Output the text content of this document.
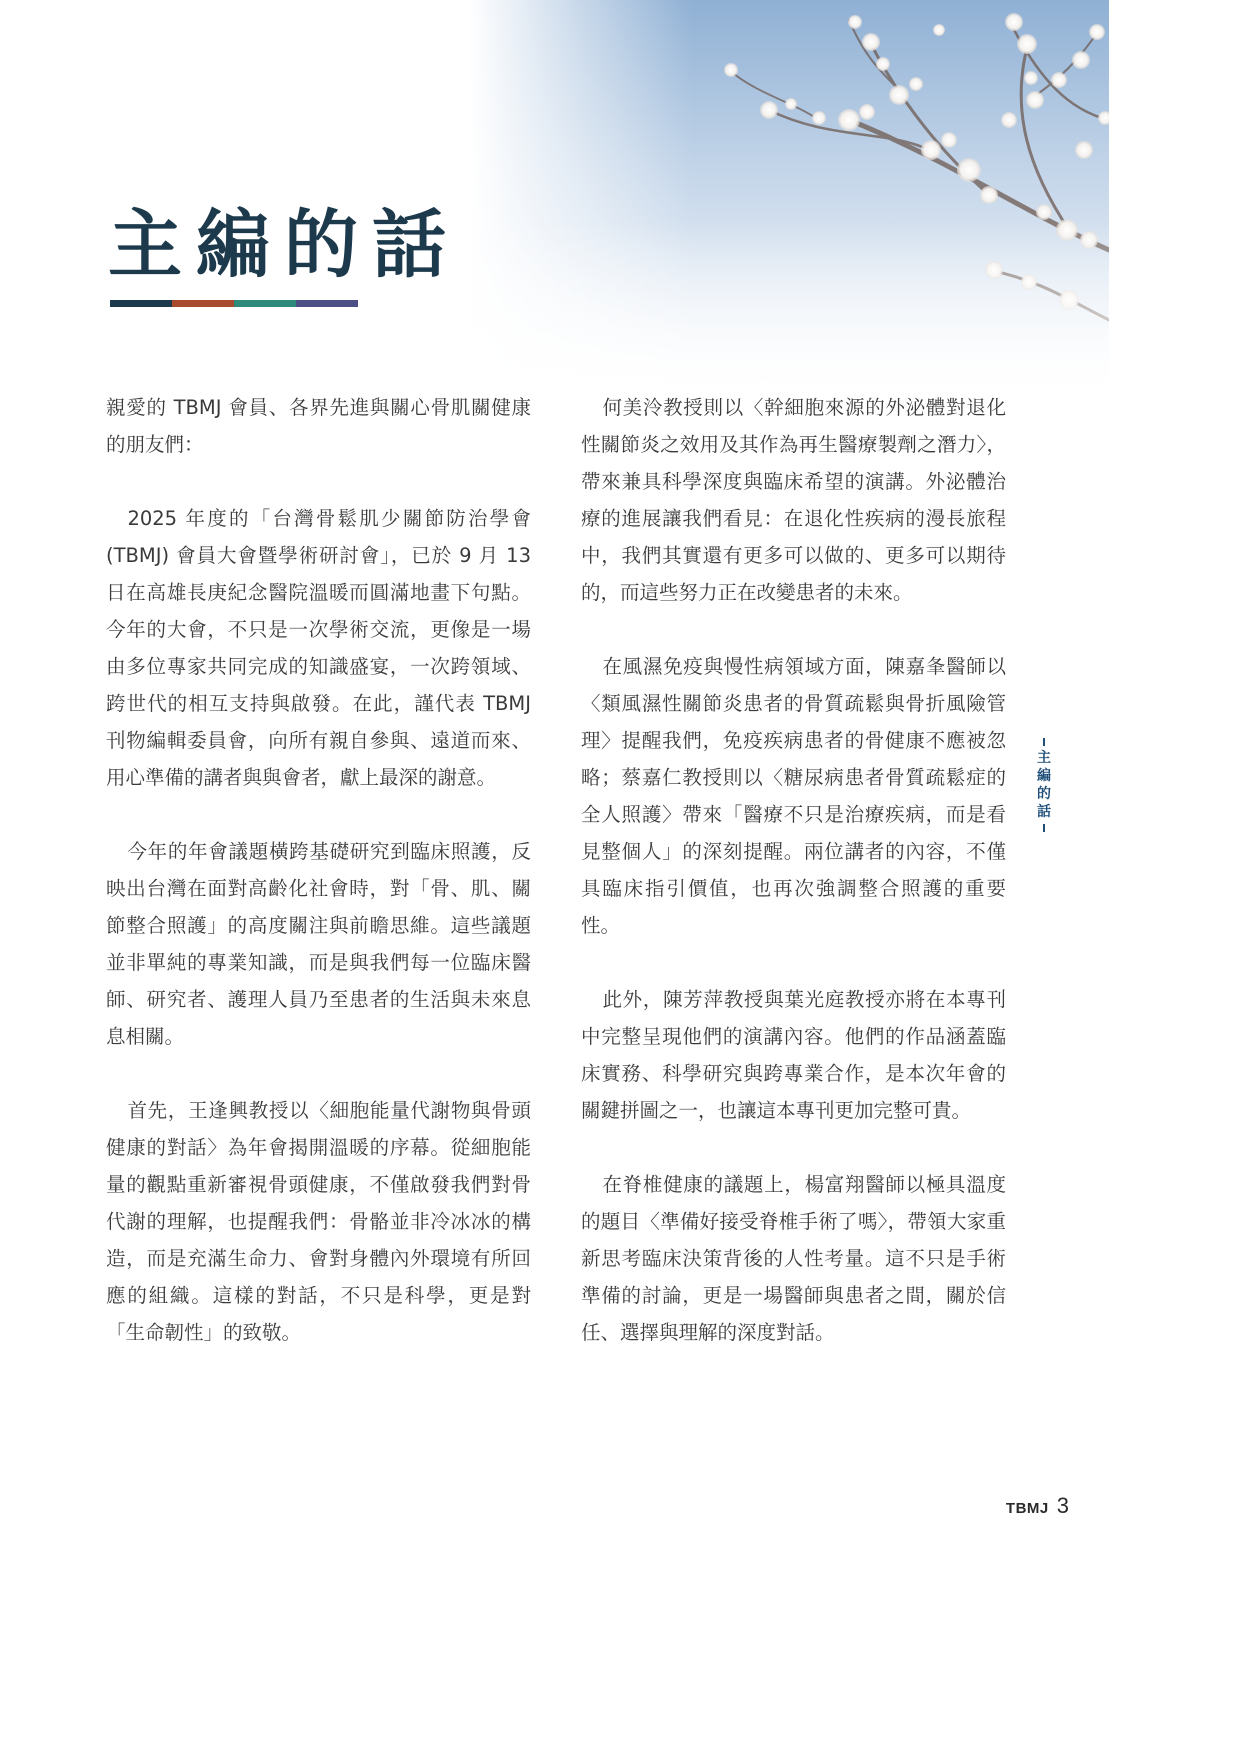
主編的話

親愛的 TBMJ 會員、各界先進與關心骨肌關健康的朋友們：

2025 年度的「台灣骨鬆肌少關節防治學會 (TBMJ) 會員大會暨學術研討會」，已於 9 月 13 日在高雄長庚紀念醫院溫暖而圓滿地畫下句點。今年的大會，不只是一次學術交流，更像是一場由多位專家共同完成的知識盛宴，一次跨領域、跨世代的相互支持與啟發。在此，謹代表 TBMJ 刊物編輯委員會，向所有親自參與、遠道而來、用心準備的講者與與會者，獻上最深的謝意。

今年的年會議題橫跨基礎研究到臨床照護，反映出台灣在面對高齡化社會時，對「骨、肌、關節整合照護」的高度關注與前瞻思維。這些議題並非單純的專業知識，而是與我們每一位臨床醫師、研究者、護理人員乃至患者的生活與未來息息相關。

首先，王逢興教授以〈細胞能量代謝物與骨頭健康的對話〉為年會揭開溫暖的序幕。從細胞能量的觀點重新審視骨頭健康，不僅啟發我們對骨代謝的理解，也提醒我們：骨骼並非冷冰冰的構造，而是充滿生命力、會對身體內外環境有所回應的組織。這樣的對話，不只是科學，更是對「生命韌性」的致敬。

何美泠教授則以〈幹細胞來源的外泌體對退化性關節炎之效用及其作為再生醫療製劑之潛力〉，帶來兼具科學深度與臨床希望的演講。外泌體治療的進展讓我們看見：在退化性疾病的漫長旅程中，我們其實還有更多可以做的、更多可以期待的，而這些努力正在改變患者的未來。

在風濕免疫與慢性病領域方面，陳嘉夆醫師以〈類風濕性關節炎患者的骨質疏鬆與骨折風險管理〉提醒我們，免疫疾病患者的骨健康不應被忽略；蔡嘉仁教授則以〈糖尿病患者骨質疏鬆症的全人照護〉帶來「醫療不只是治療疾病，而是看見整個人」的深刻提醒。兩位講者的內容，不僅具臨床指引價值，也再次強調整合照護的重要性。

此外，陳芳萍教授與葉光庭教授亦將在本專刊中完整呈現他們的演講內容。他們的作品涵蓋臨床實務、科學研究與跨專業合作，是本次年會的關鍵拼圖之一，也讓這本專刊更加完整可貴。

在脊椎健康的議題上，楊富翔醫師以極具溫度的題目〈準備好接受脊椎手術了嗎〉，帶領大家重新思考臨床決策背後的人性考量。這不只是手術準備的討論，更是一場醫師與患者之間，關於信任、選擇與理解的深度對話。

主
編
的
話
TBMJ 3
